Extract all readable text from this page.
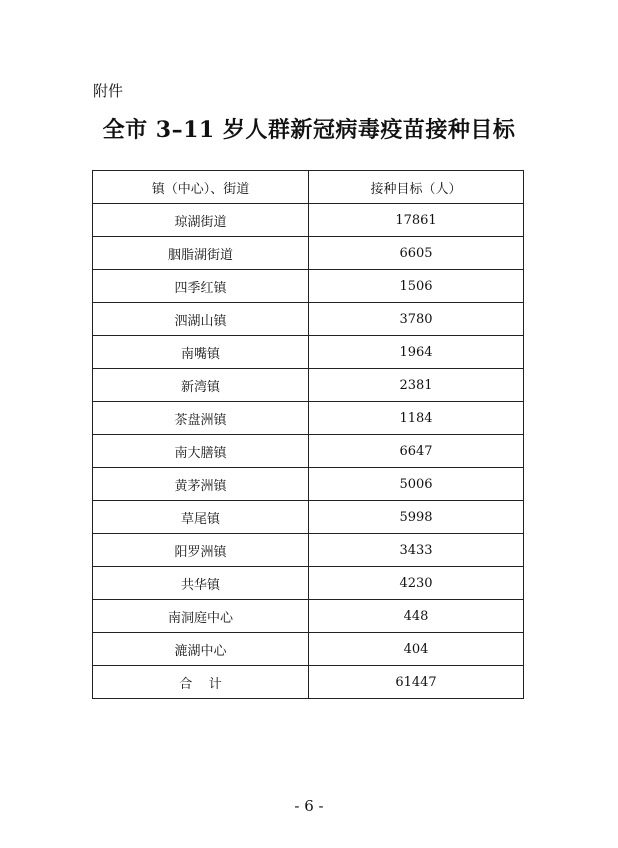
附件
全市 3–11 岁人群新冠病毒疫苗接种目标
镇（中心）、街道	接种目标（人）
琼湖街道	17861
胭脂湖街道	6605
四季红镇	1506
泗湖山镇	3780
南嘴镇	1964
新湾镇	2381
茶盘洲镇	1184
南大膳镇	6647
黄茅洲镇	5006
草尾镇	5998
阳罗洲镇	3433
共华镇	4230
南洞庭中心	448
漉湖中心	404
合    计	61447
- 6 -
